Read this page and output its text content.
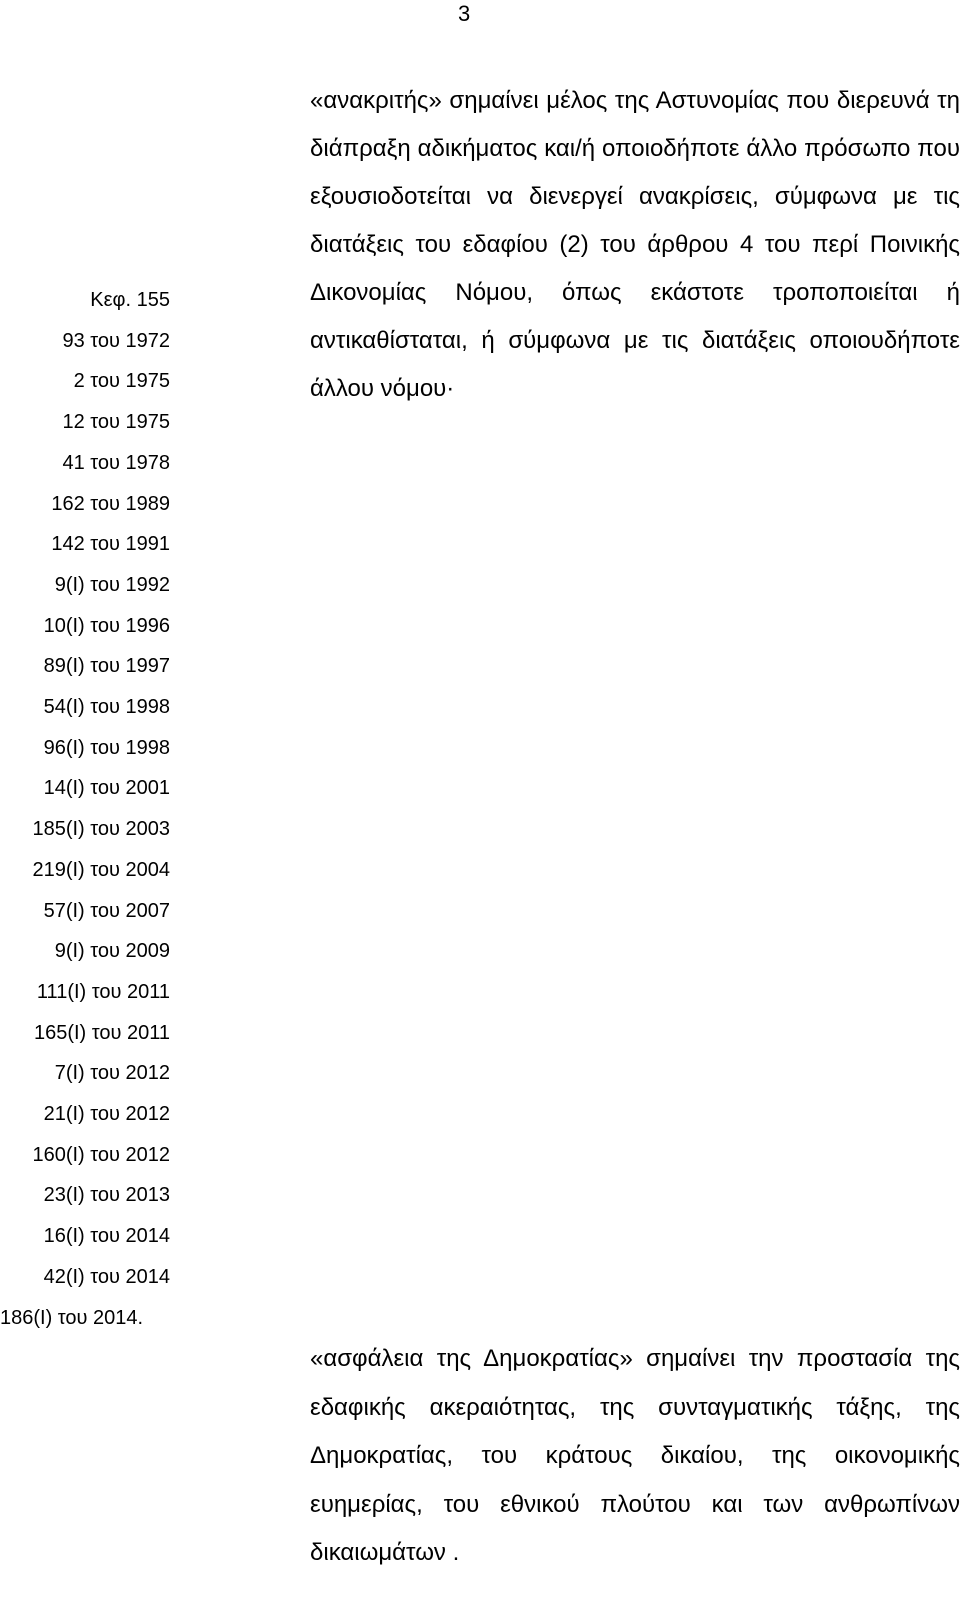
3
Κεφ. 155
93 του 1972
2 του 1975
12 του 1975
41 του 1978
162 του 1989
142 του 1991
9(Ι) του 1992
10(Ι) του 1996
89(Ι) του 1997
54(Ι) του 1998
96(Ι) του 1998
14(Ι) του 2001
185(Ι) του 2003
219(Ι) του 2004
57(Ι) του 2007
9(Ι) του 2009
111(Ι) του 2011
165(Ι) του 2011
7(Ι) του 2012
21(Ι) του 2012
160(Ι) του 2012
23(Ι) του 2013
16(Ι) του 2014
42(Ι) του 2014
186(Ι) του 2014.

«ανακριτής» σημαίνει μέλος της Αστυνομίας που διερευνά τη διάπραξη αδικήματος και/ή οποιοδήποτε άλλο πρόσωπο που εξουσιοδοτείται να διενεργεί ανακρίσεις, σύμφωνα με τις διατάξεις του εδαφίου (2) του άρθρου 4 του περί Ποινικής Δικονομίας Νόμου, όπως εκάστοτε τροποποιείται ή αντικαθίσταται, ή σύμφωνα με τις διατάξεις οποιουδήποτε άλλου νόμου·

«ασφάλεια της Δημοκρατίας» σημαίνει την προστασία της εδαφικής ακεραιότητας, της συνταγματικής τάξης, της Δημοκρατίας, του κράτους δικαίου, της οικονομικής ευημερίας, του εθνικού πλούτου και των ανθρωπίνων δικαιωμάτων .
